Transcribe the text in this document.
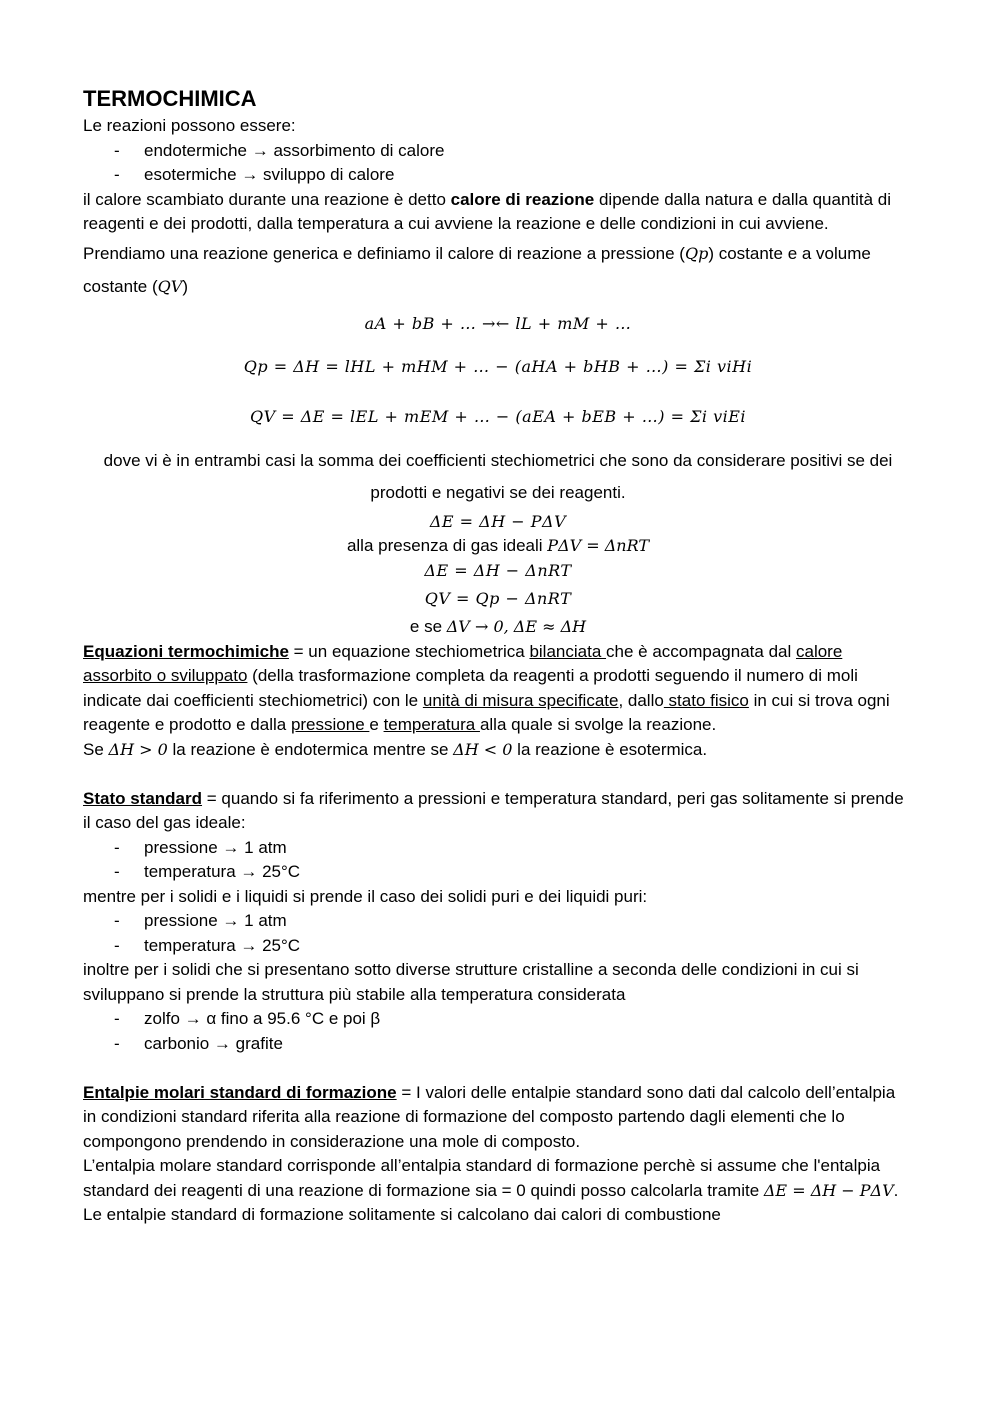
TERMOCHIMICA

Le reazioni possono essere:

- endotermiche → assorbimento di calore
- esotermiche → sviluppo di calore

il calore scambiato durante una reazione è detto calore di reazione dipende dalla natura e dalla quantità di reagenti e dei prodotti, dalla temperatura a cui avviene la reazione e delle condizioni in cui avviene.

Prendiamo una reazione generica e definiamo il calore di reazione a pressione (Qp) costante e a volume costante (QV)

aA + bB + … →← lL + mM + …
Qp = ΔH = lHL + mHM + … − (aHA + bHB + …) = Σi viHi
QV = ΔE = lEL + mEM + … − (aEA + bEB + …) = Σi viEi

dove vi è in entrambi casi la somma dei coefficienti stechiometrici che sono da considerare positivi se dei prodotti e negativi se dei reagenti.

ΔE = ΔH − PΔV

alla presenza di gas ideali PΔV = ΔnRT

ΔE = ΔH − ΔnRT
QV = Qp − ΔnRT

e se ΔV → 0, ΔE ≈ ΔH

Equazioni termochimiche = un equazione stechiometrica bilanciata che è accompagnata dal calore assorbito o sviluppato (della trasformazione completa da reagenti a prodotti seguendo il numero di moli indicate dai coefficienti stechiometrici) con le unità di misura specificate, dallo stato fisico in cui si trova ogni reagente e prodotto e dalla pressione e temperatura alla quale si svolge la reazione.

Se ΔH > 0 la reazione è endotermica mentre se ΔH < 0 la reazione è esotermica.

Stato standard = quando si fa riferimento a pressioni e temperatura standard, peri gas solitamente si prende il caso del gas ideale:

- pressione → 1 atm
- temperatura → 25°C

mentre per i solidi e i liquidi si prende il caso dei solidi puri e dei liquidi puri:

- pressione → 1 atm
- temperatura → 25°C

inoltre per i solidi che si presentano sotto diverse strutture cristalline a seconda delle condizioni in cui si sviluppano si prende la struttura più stabile alla temperatura considerata

- zolfo → α fino a 95.6 °C e poi β
- carbonio → grafite

Entalpie molari standard di formazione = I valori delle entalpie standard sono dati dal calcolo dell’entalpia in condizioni standard riferita alla reazione di formazione del composto partendo dagli elementi che lo compongono prendendo in considerazione una mole di composto.

L’entalpia molare standard corrisponde all’entalpia standard di formazione perchè si assume che l'entalpia standard dei reagenti di una reazione di formazione sia = 0 quindi posso calcolarla tramite ΔE = ΔH − PΔV. Le entalpie standard di formazione solitamente si calcolano dai calori di combustione
